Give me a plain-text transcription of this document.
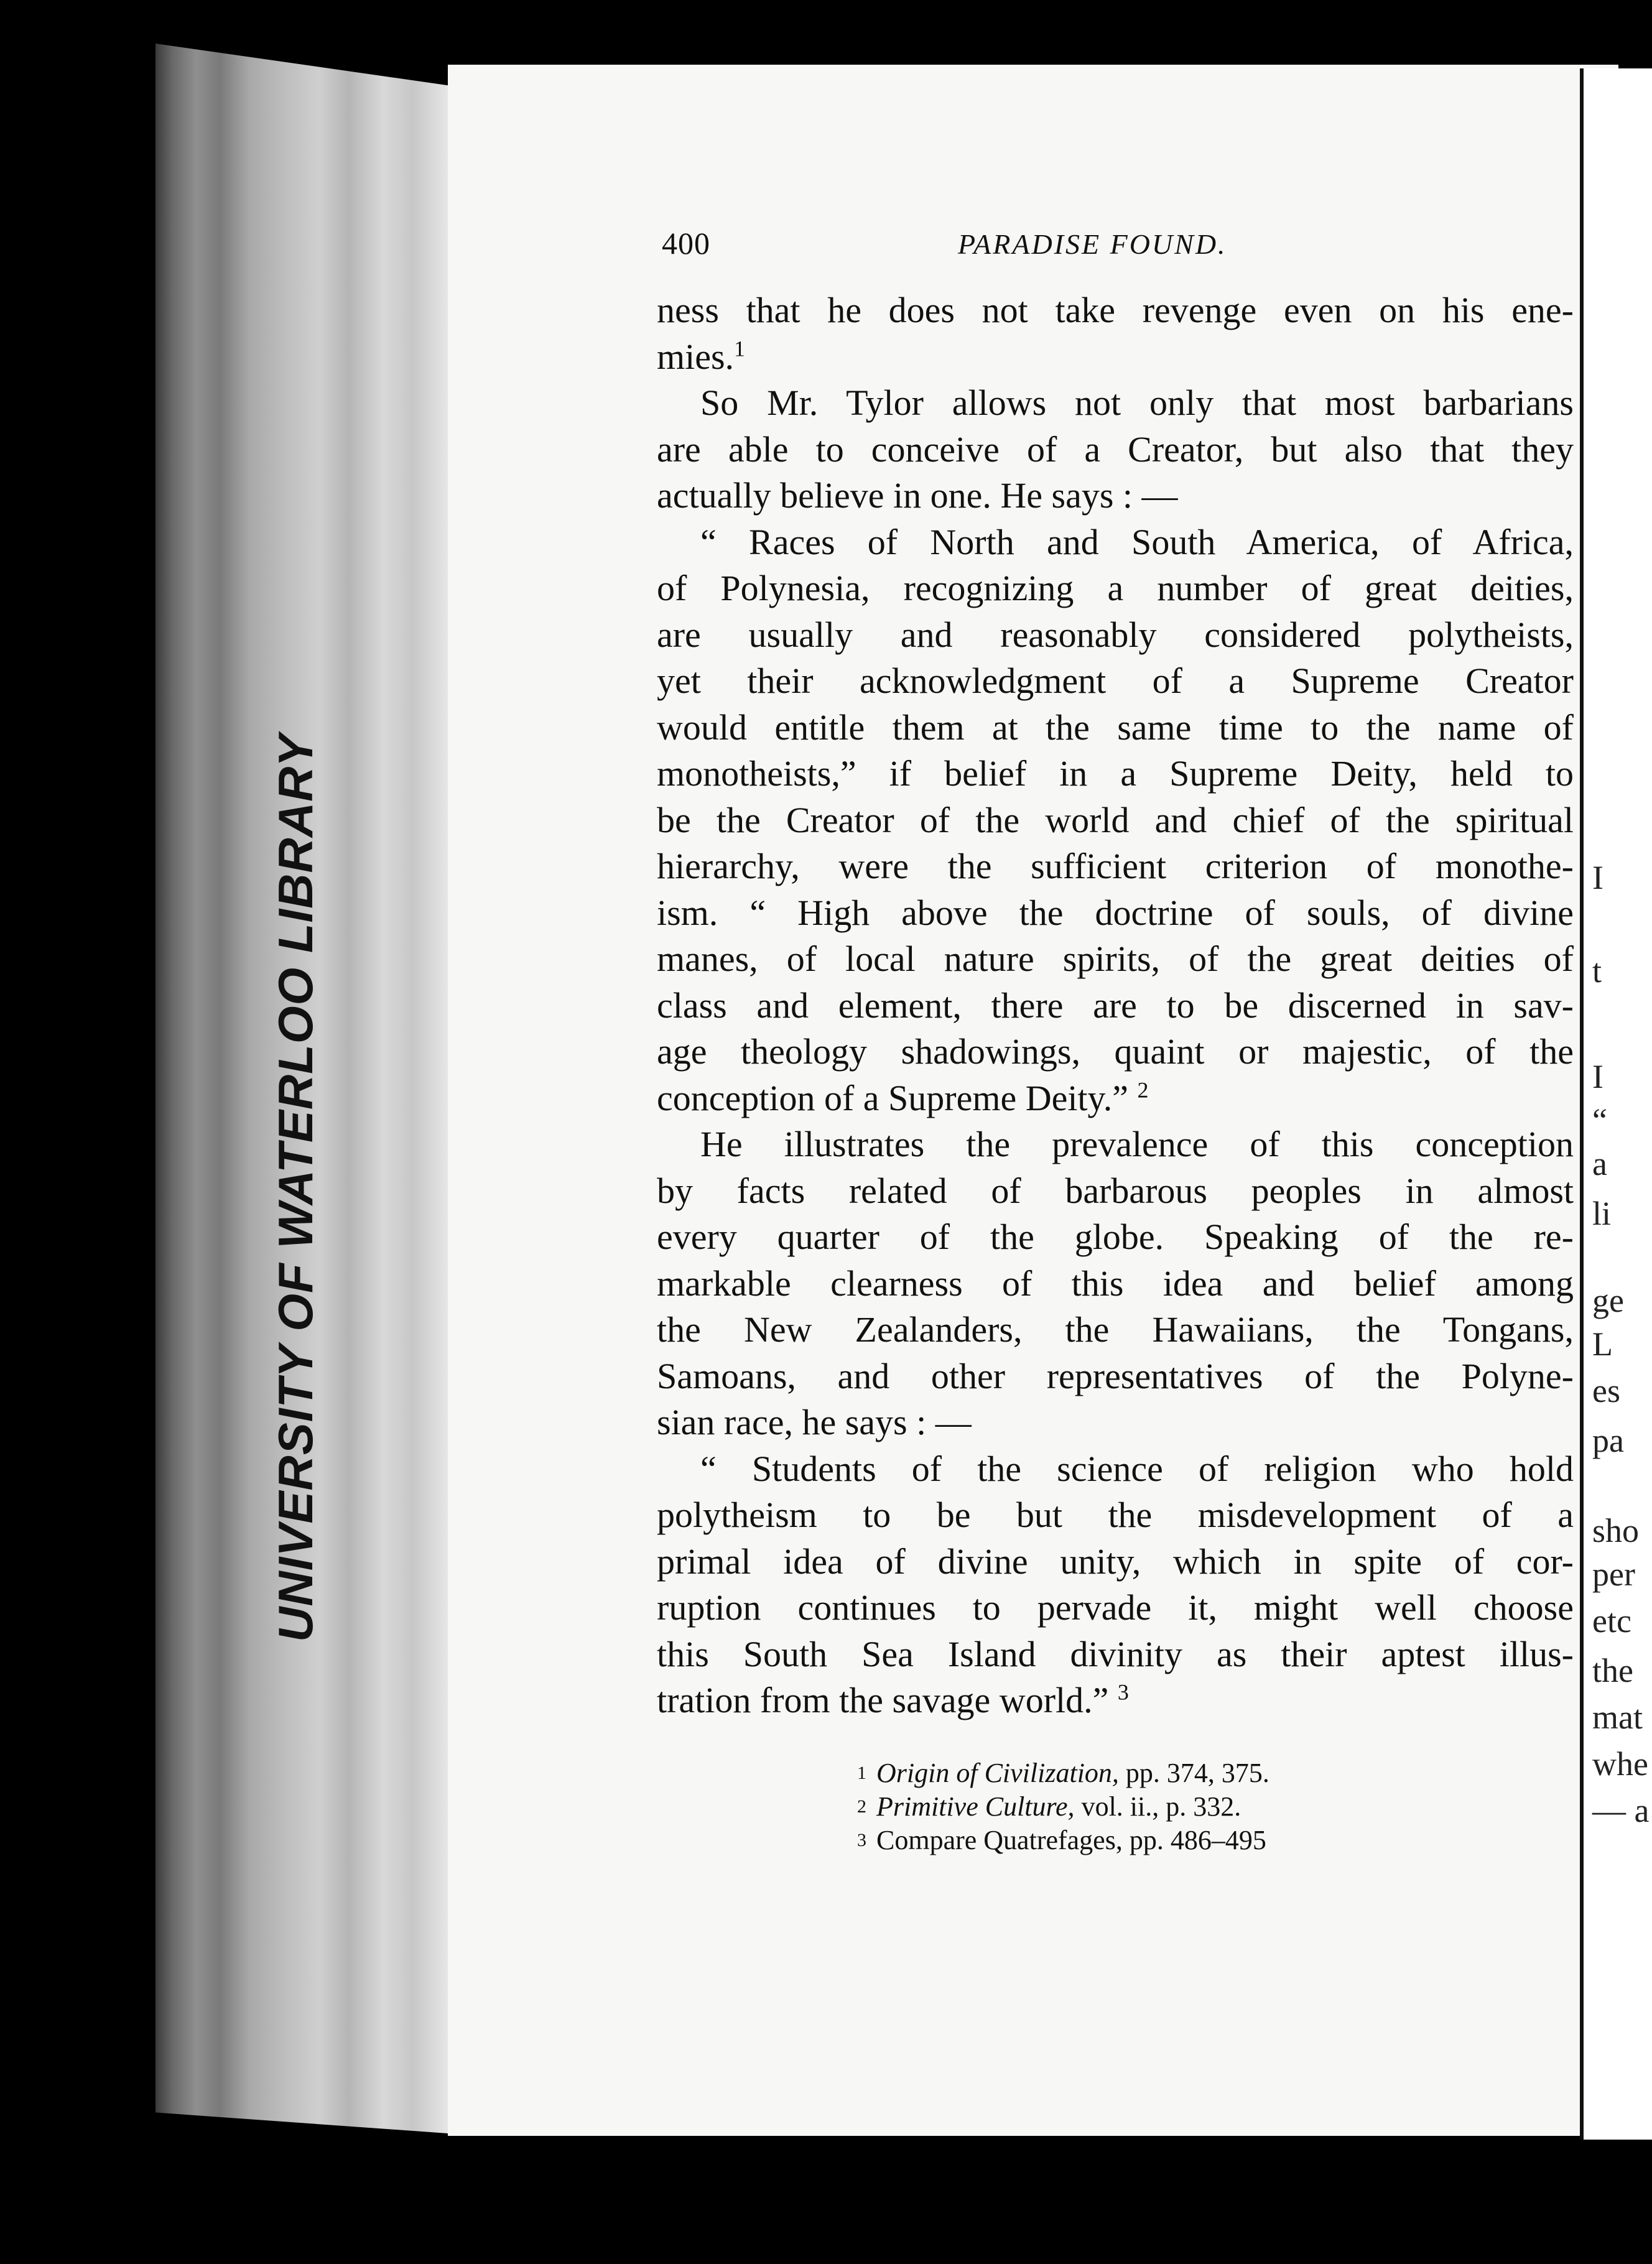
UNIVERSITY OF WATERLOO LIBRARY	I
t
I
“
a
li
ge
L
es
pa
sho
per
etc
the
mat
whe
— a
400	PARADISE FOUND.
ness that he does not take revenge even on his ene-
mies.$^1$
So Mr. Tylor allows not only that most barbarians
are able to conceive of a Creator, but also that they
actually believe in one. He says : —
“ Races of North and South America, of Africa,
of Polynesia, recognizing a number of great deities,
are usually and reasonably considered polytheists,
yet their acknowledgment of a Supreme Creator
would entitle them at the same time to the name of
monotheists,” if belief in a Supreme Deity, held to
be the Creator of the world and chief of the spiritual
hierarchy, were the sufficient criterion of monothe-
ism. “ High above the doctrine of souls, of divine
manes, of local nature spirits, of the great deities of
class and element, there are to be discerned in sav-
age theology shadowings, quaint or majestic, of the
conception of a Supreme Deity.” $^2$
He illustrates the prevalence of this conception
by facts related of barbarous peoples in almost
every quarter of the globe. Speaking of the re-
markable clearness of this idea and belief among
the New Zealanders, the Hawaiians, the Tongans,
Samoans, and other representatives of the Polyne-
sian race, he says : —
“ Students of the science of religion who hold
polytheism to be but the misdevelopment of a
primal idea of divine unity, which in spite of cor-
ruption continues to pervade it, might well choose
this South Sea Island divinity as their aptest illus-
tration from the savage world.” $^3$
$^1$ Origin of Civilization, pp. 374, 375.
$^2$ Primitive Culture, vol. ii., p. 332.
$^3$ Compare Quatrefages, pp. 486–495
